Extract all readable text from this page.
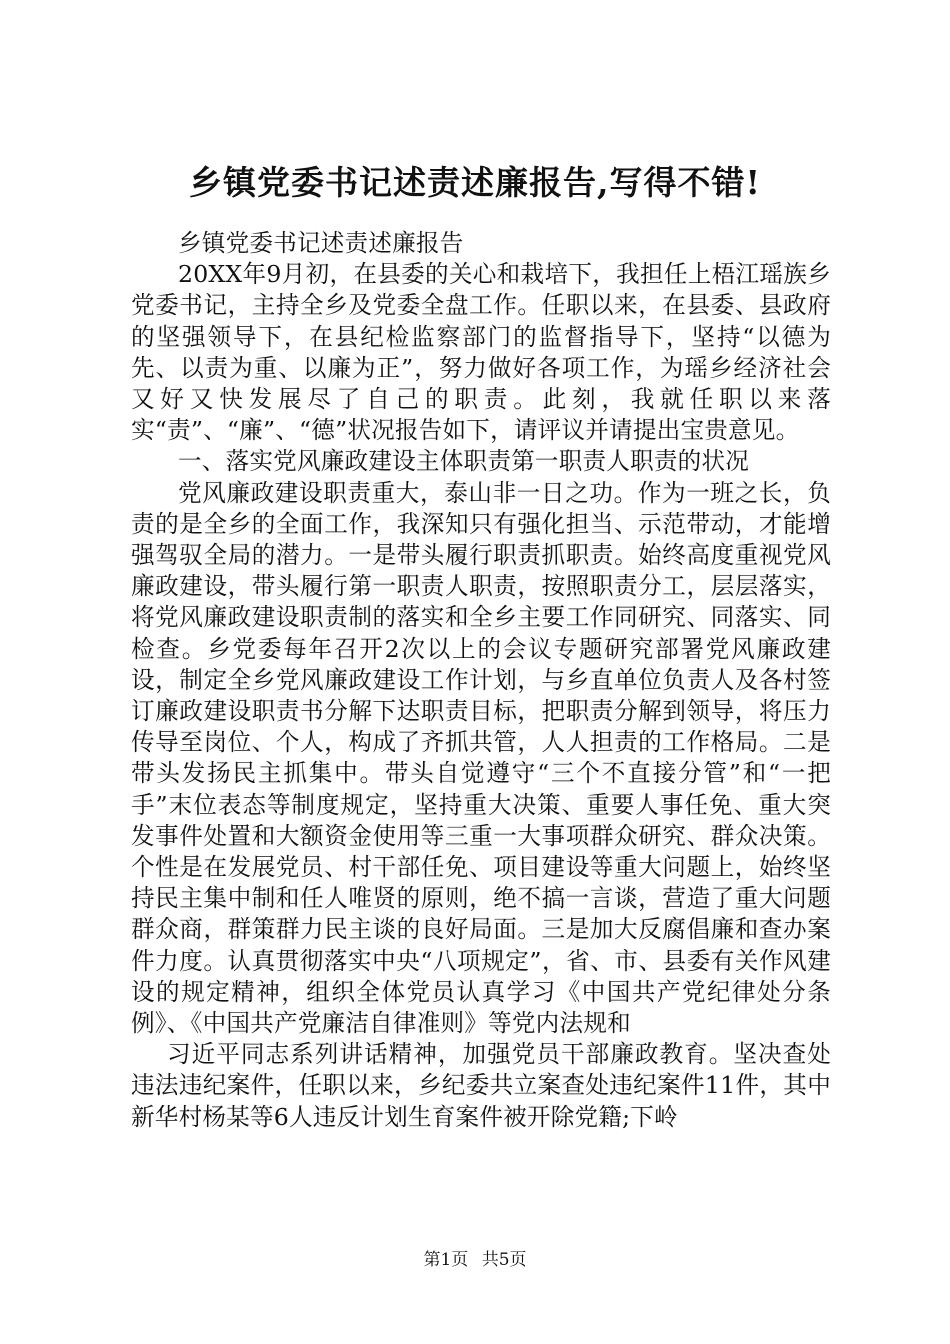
乡镇党委书记述责述廉报告,写得不错!

乡镇党委书记述责述廉报告

20XX年9月初，在县委的关心和栽培下，我担任上梧江瑶族乡党委书记，主持全乡及党委全盘工作。任职以来，在县委、县政府的坚强领导下，在县纪检监察部门的监督指导下，坚持“以德为先、以责为重、以廉为正”，努力做好各项工作，为瑶乡经济社会又好又快发展尽了自己的职责。此刻，我就任职以来落实“责”、“廉”、“德”状况报告如下，请评议并请提出宝贵意见。

一、落实党风廉政建设主体职责第一职责人职责的状况

党风廉政建设职责重大，泰山非一日之功。作为一班之长，负责的是全乡的全面工作，我深知只有强化担当、示范带动，才能增强驾驭全局的潜力。一是带头履行职责抓职责。始终高度重视党风廉政建设，带头履行第一职责人职责，按照职责分工，层层落实，将党风廉政建设职责制的落实和全乡主要工作同研究、同落实、同检查。乡党委每年召开2次以上的会议专题研究部署党风廉政建设，制定全乡党风廉政建设工作计划，与乡直单位负责人及各村签订廉政建设职责书分解下达职责目标，把职责分解到领导，将压力传导至岗位、个人，构成了齐抓共管，人人担责的工作格局。二是带头发扬民主抓集中。带头自觉遵守“三个不直接分管”和“一把手”末位表态等制度规定，坚持重大决策、重要人事任免、重大突发事件处置和大额资金使用等三重一大事项群众研究、群众决策。个性是在发展党员、村干部任免、项目建设等重大问题上，始终坚持民主集中制和任人唯贤的原则，绝不搞一言谈，营造了重大问题群众商，群策群力民主谈的良好局面。三是加大反腐倡廉和查办案件力度。认真贯彻落实中央“八项规定”，省、市、县委有关作风建设的规定精神，组织全体党员认真学习《中国共产党纪律处分条例》、《中国共产党廉洁自律准则》等党内法规和

习近平同志系列讲话精神，加强党员干部廉政教育。坚决查处违法违纪案件，任职以来，乡纪委共立案查处违纪案件11件，其中新华村杨某等6人违反计划生育案件被开除党籍;下岭

第1页 共5页
